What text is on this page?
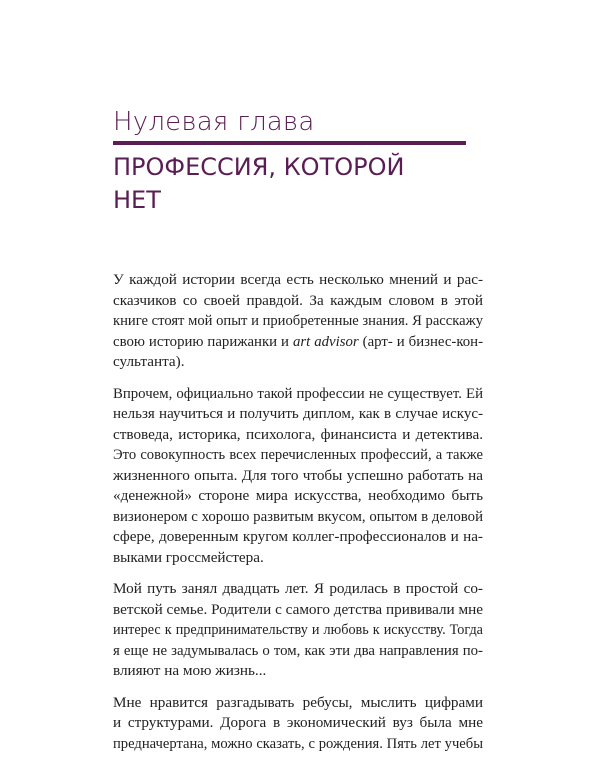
Нулевая глава
ПРОФЕССИЯ, КОТОРОЙ
НЕТ
У каждой истории всегда есть несколько мнений и рас-
сказчиков со своей правдой. За каждым словом в этой
книге стоят мой опыт и приобретенные знания. Я расскажу
свою историю парижанки и art advisor (арт- и бизнес-кон-
сультанта).
Впрочем, официально такой профессии не существует. Ей
нельзя научиться и получить диплом, как в случае искус-
ствоведа, историка, психолога, финансиста и детектива.
Это совокупность всех перечисленных профессий, а также
жизненного опыта. Для того чтобы успешно работать на
«денежной» стороне мира искусства, необходимо быть
визионером с хорошо развитым вкусом, опытом в деловой
сфере, доверенным кругом коллег-профессионалов и на-
выками гроссмейстера.
Мой путь занял двадцать лет. Я родилась в простой со-
ветской семье. Родители с самого детства прививали мне
интерес к предпринимательству и любовь к искусству. Тогда
я еще не задумывалась о том, как эти два направления по-
влияют на мою жизнь...
Мне нравится разгадывать ребусы, мыслить цифрами
и структурами. Дорога в экономический вуз была мне
предначертана, можно сказать, с рождения. Пять лет учебы
